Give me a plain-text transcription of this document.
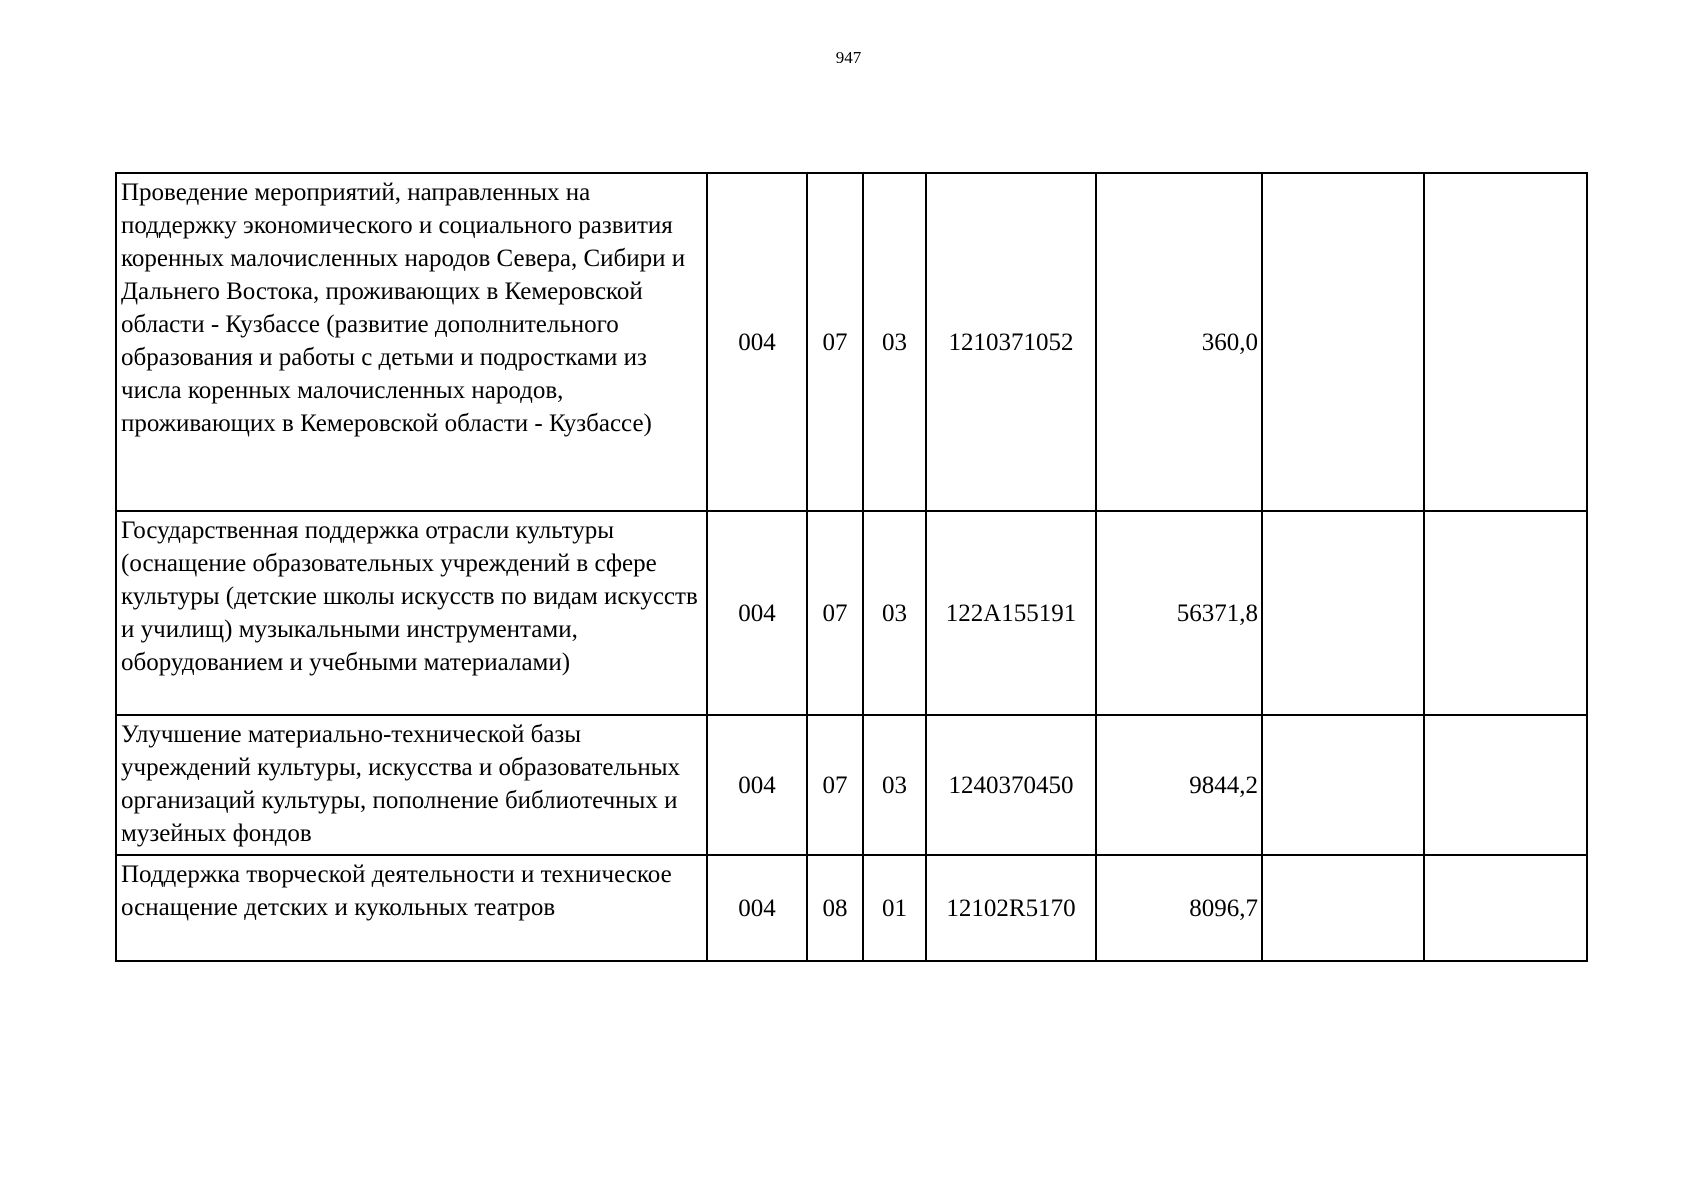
947
Проведение мероприятий, направленных на поддержку экономического и социального развития коренных малочисленных народов Севера, Сибири и Дальнего Востока, проживающих в Кемеровской области - Кузбассе (развитие дополнительного образования и работы с детьми и подростками из числа коренных малочисленных народов, проживающих в Кемеровской области - Кузбассе)	004	07	03	1210371052	360,0		
Государственная поддержка отрасли культуры (оснащение образовательных учреждений в сфере культуры (детские школы искусств по видам искусств и училищ) музыкальными инструментами, оборудованием и учебными материалами)	004	07	03	122A155191	56371,8		
Улучшение материально-технической базы учреждений культуры, искусства и образовательных организаций культуры, пополнение библиотечных и музейных фондов	004	07	03	1240370450	9844,2		
Поддержка творческой деятельности и техническое оснащение детских и кукольных театров	004	08	01	12102R5170	8096,7		
